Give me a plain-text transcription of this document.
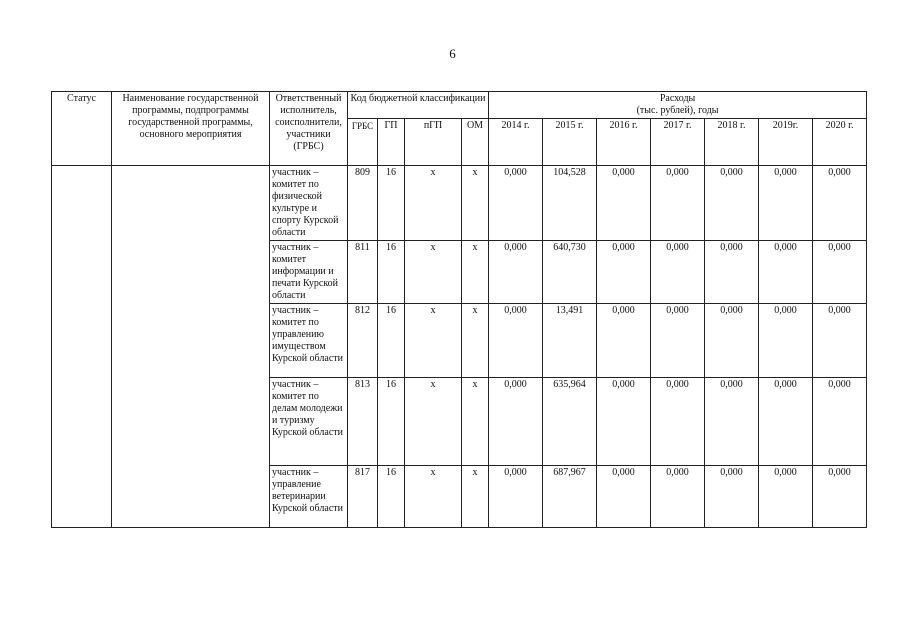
6
Статус	Наименование государственной программы, подпрограммы государственной программы, основного мероприятия	Ответственный исполнитель, соисполнители, участники (ГРБС)	Код бюджетной классификации				Расходы
(тыс. рублей), годы						

			ГРБС	ГП	пГП	ОМ	2014 г.	2015 г.	2016 г.	2017 г.	2018 г.	2019г.	2020 г.
		участник – комитет по физической культуре и спорту Курской области	809	16	х	х	0,000	104,528	0,000	0,000	0,000	0,000	0,000
		участник – комитет информации и печати Курской области	811	16	х	х	0,000	640,730	0,000	0,000	0,000	0,000	0,000
		участник – комитет по управлению имуществом Курской области	812	16	х	х	0,000	13,491	0,000	0,000	0,000	0,000	0,000
		участник – комитет по делам молодежи и туризму Курской области	813	16	х	х	0,000	635,964	0,000	0,000	0,000	0,000	0,000
		участник – управление ветеринарии Курской области	817	16	х	х	0,000	687,967	0,000	0,000	0,000	0,000	0,000
